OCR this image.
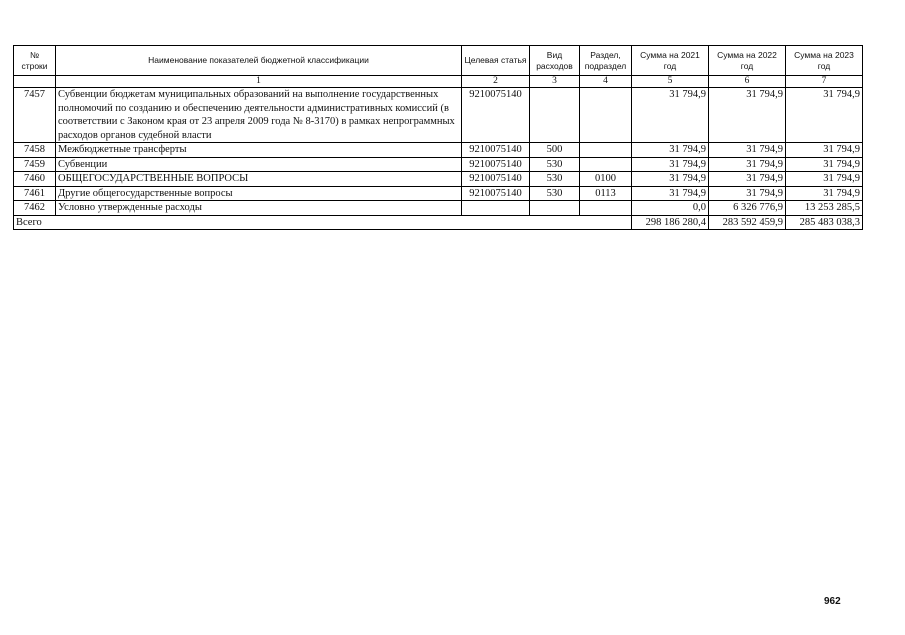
№ строки	Наименование показателей бюджетной классификации	Целевая статья	Вид расходов	Раздел, подраздел	Сумма на 2021 год	Сумма на 2022 год	Сумма на 2023 год
	1	2	3	4	5	6	7
7457	Субвенции бюджетам муниципальных образований на выполнение государственных полномочий по созданию и обеспечению деятельности административных комиссий (в соответствии с Законом края от 23 апреля 2009 года № 8-3170) в рамках непрограммных расходов органов судебной власти	9210075140			31 794,9	31 794,9	31 794,9
7458	Межбюджетные трансферты	9210075140	500		31 794,9	31 794,9	31 794,9
7459	Субвенции	9210075140	530		31 794,9	31 794,9	31 794,9
7460	ОБЩЕГОСУДАРСТВЕННЫЕ ВОПРОСЫ	9210075140	530	0100	31 794,9	31 794,9	31 794,9
7461	Другие общегосударственные вопросы	9210075140	530	0113	31 794,9	31 794,9	31 794,9
7462	Условно утвержденные расходы				0,0	6 326 776,9	13 253 285,5
Всего					298 186 280,4	283 592 459,9	285 483 038,3
962
